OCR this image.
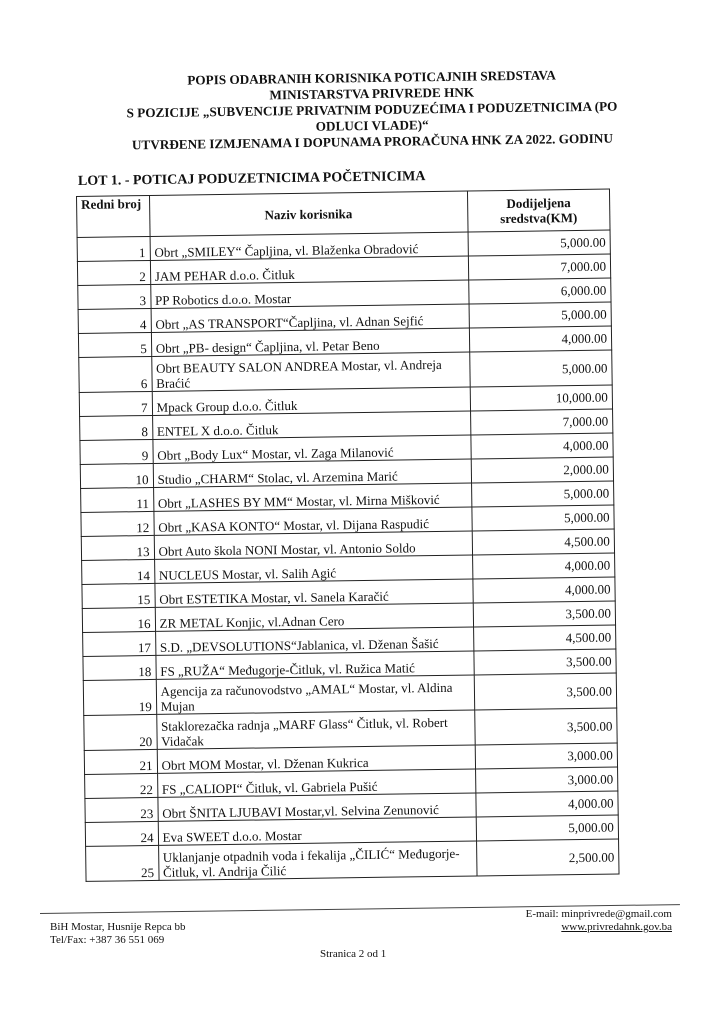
POPIS ODABRANIH KORISNIKA POTICAJNIH SREDSTAVA
MINISTARSTVA PRIVREDE HNK
S POZICIJE „SUBVENCIJE PRIVATNIM PODUZEĆIMA I PODUZETNICIMA (PO
ODLUCI VLADE)“
UTVRĐENE IZMJENAMA I DOPUNAMA PRORAČUNA HNK ZA 2022. GODINU
LOT 1. - POTICAJ PODUZETNICIMA POČETNICIMA
Redni broj	Naziv korisnika	Dodijeljena sredstva(KM)
1	Obrt „SMILEY“ Čapljina, vl. Blaženka Obradović	5,000.00
2	JAM PEHAR d.o.o. Čitluk	7,000.00
3	PP Robotics d.o.o. Mostar	6,000.00
4	Obrt „AS TRANSPORT“Čapljina, vl. Adnan Sejfić	5,000.00
5	Obrt „PB- design“ Čapljina, vl. Petar Beno	4,000.00
6	Obrt BEAUTY SALON ANDREA Mostar, vl. Andreja Braćić	5,000.00
7	Mpack Group d.o.o. Čitluk	10,000.00
8	ENTEL X d.o.o. Čitluk	7,000.00
9	Obrt „Body Lux“ Mostar, vl. Zaga Milanović	4,000.00
10	Studio „CHARM“ Stolac, vl. Arzemina Marić	2,000.00
11	Obrt „LASHES BY MM“ Mostar, vl. Mirna Mišković	5,000.00
12	Obrt „KASA KONTO“ Mostar, vl. Dijana Raspudić	5,000.00
13	Obrt Auto škola NONI Mostar, vl. Antonio Soldo	4,500.00
14	NUCLEUS Mostar, vl. Salih Agić	4,000.00
15	Obrt ESTETIKA Mostar, vl. Sanela Karačić	4,000.00
16	ZR METAL Konjic, vl.Adnan Cero	3,500.00
17	S.D. „DEVSOLUTIONS“Jablanica, vl. Dženan Šašić	4,500.00
18	FS „RUŽA“ Međugorje-Čitluk, vl. Ružica Matić	3,500.00
19	Agencija za računovodstvo „AMAL“ Mostar, vl. Aldina Mujan	3,500.00
20	Staklorezačka radnja „MARF Glass“ Čitluk, vl. Robert Vidačak	3,500.00
21	Obrt MOM Mostar, vl. Dženan Kukrica	3,000.00
22	FS „CALIOPI“ Čitluk, vl. Gabriela Pušić	3,000.00
23	Obrt ŠNITA LJUBAVI Mostar,vl. Selvina Zenunović	4,000.00
24	Eva SWEET d.o.o. Mostar	5,000.00
25	Uklanjanje otpadnih voda i fekalija „ČILIĆ“ Međugorje-Čitluk, vl. Andrija Čilić	2,500.00
BiH Mostar, Husnije Repca bb
Tel/Fax: +387 36 551 069
E-mail: minprivrede@gmail.com
www.privredahnk.gov.ba
Stranica 2 od 1
